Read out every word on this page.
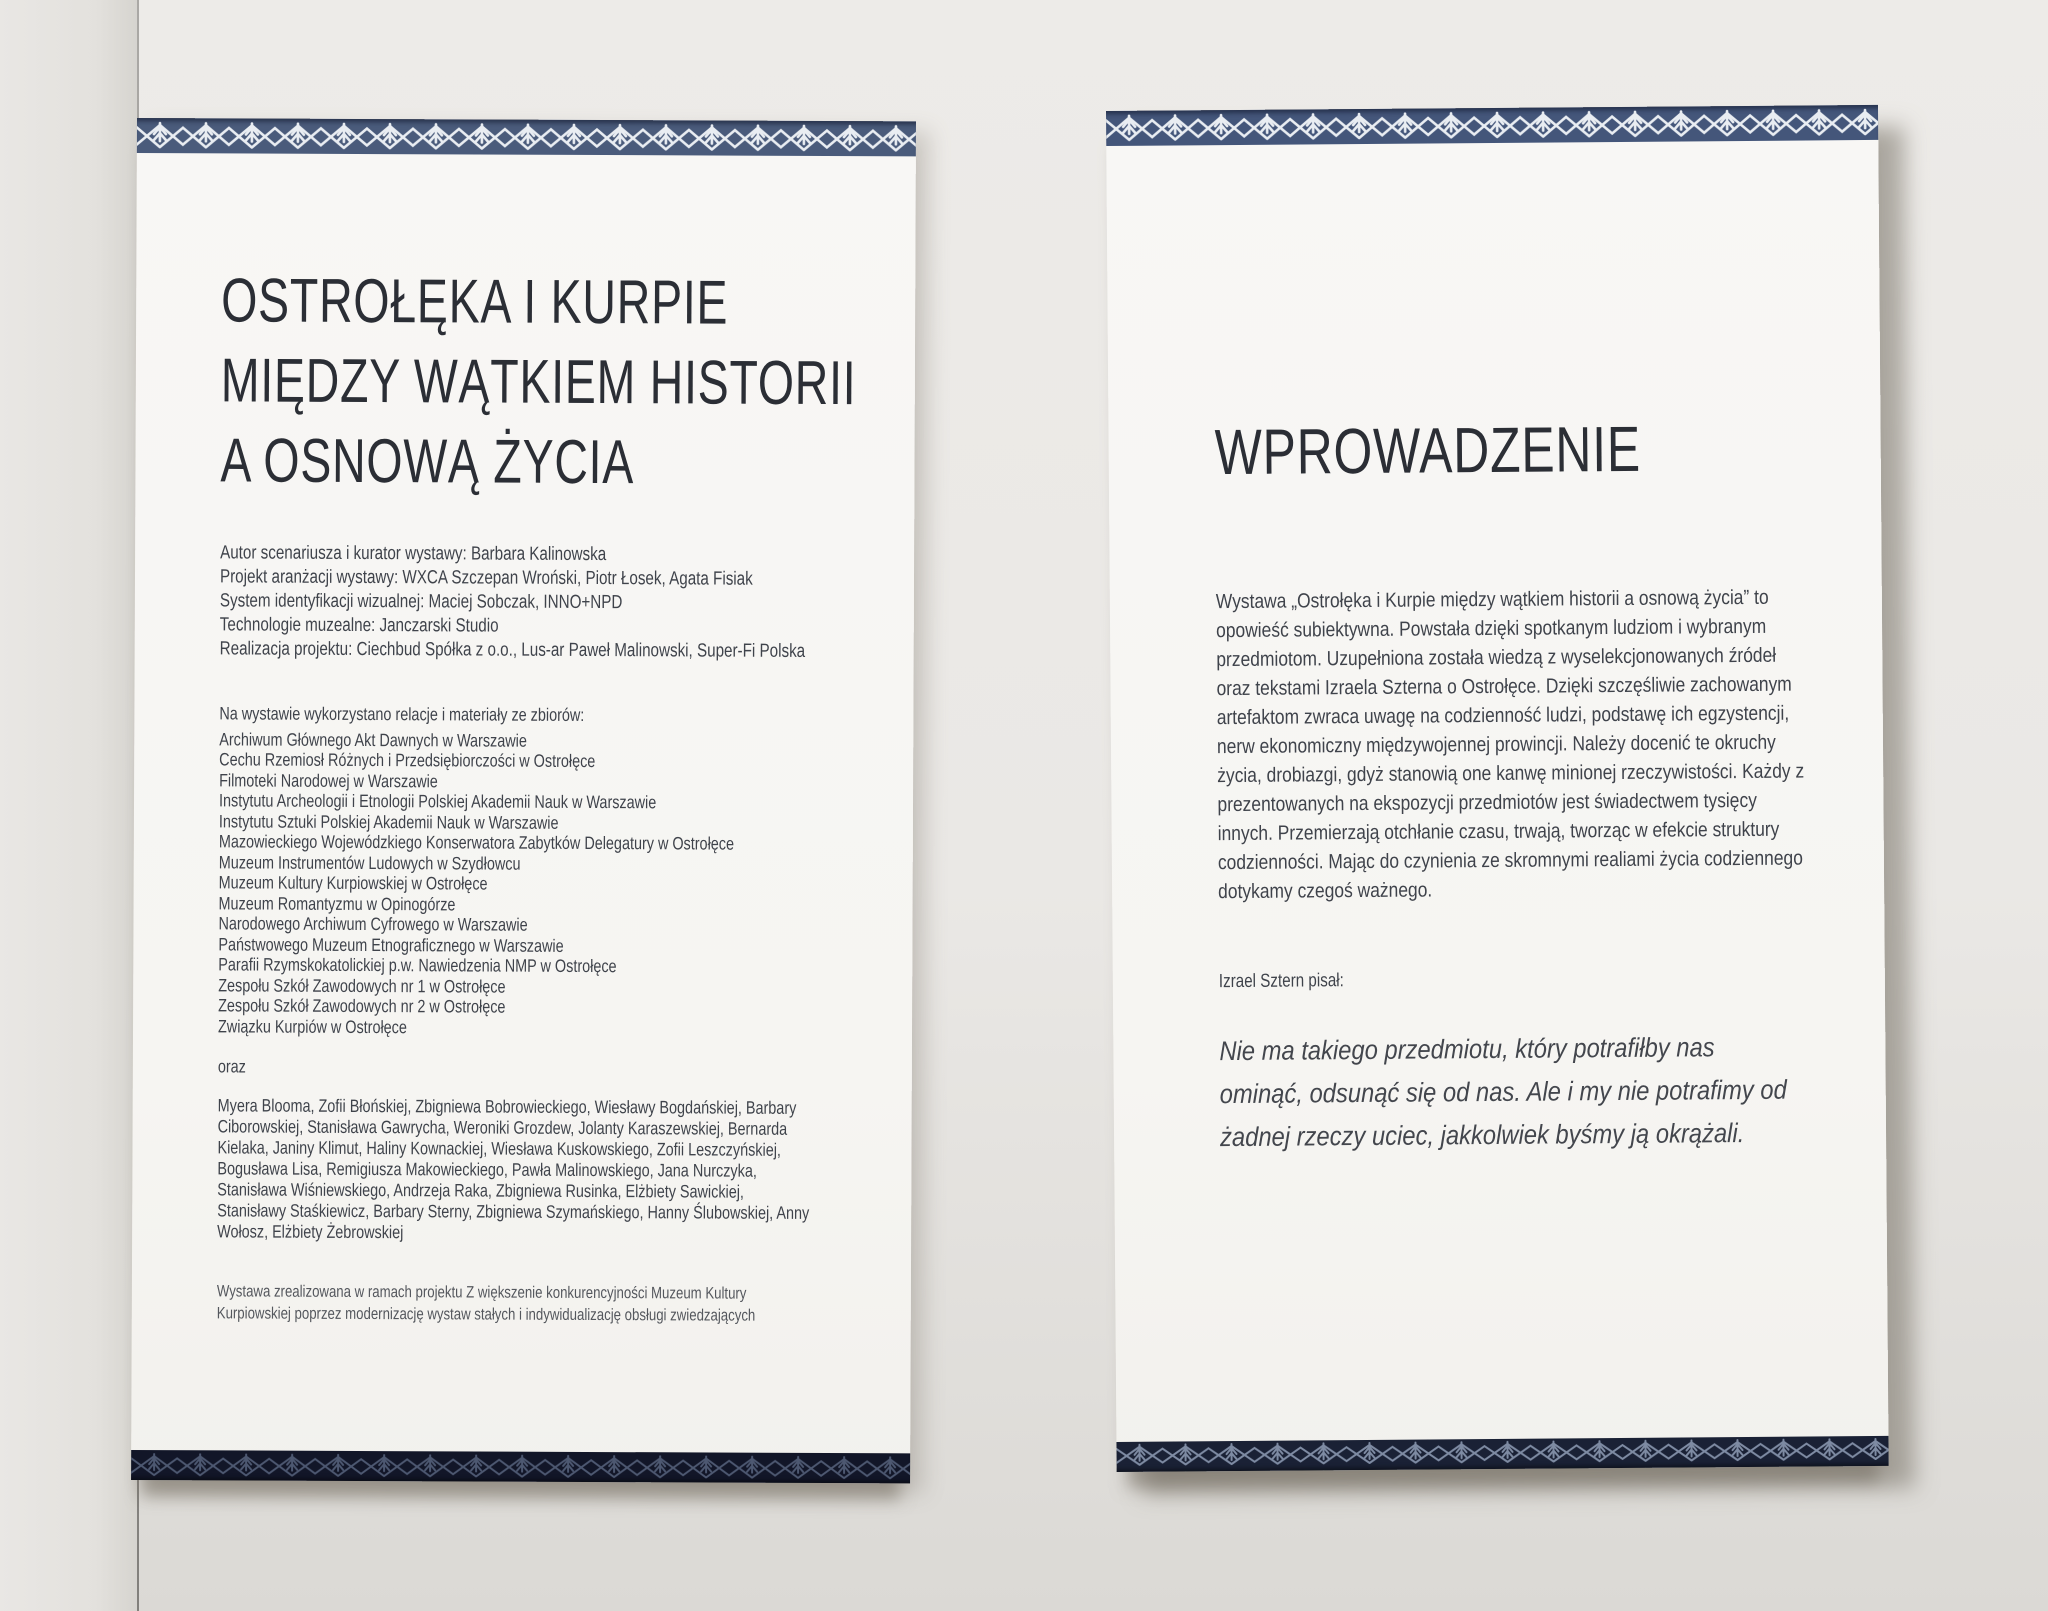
OSTROŁĘKA I KURPIE
MIĘDZY WĄTKIEM HISTORII
A OSNOWĄ ŻYCIA
Autor scenariusza i kurator wystawy: Barbara Kalinowska
Projekt aranżacji wystawy: WXCA Szczepan Wroński, Piotr Łosek, Agata Fisiak
System identyfikacji wizualnej: Maciej Sobczak, INNO+NPD
Technologie muzealne: Janczarski Studio
Realizacja projektu: Ciechbud Spółka z o.o., Lus-ar Paweł Malinowski, Super-Fi Polska
Na wystawie wykorzystano relacje i materiały ze zbiorów:
Archiwum Głównego Akt Dawnych w Warszawie
Cechu Rzemiosł Różnych i Przedsiębiorczości w Ostrołęce
Filmoteki Narodowej w Warszawie
Instytutu Archeologii i Etnologii Polskiej Akademii Nauk w Warszawie
Instytutu Sztuki Polskiej Akademii Nauk w Warszawie
Mazowieckiego Wojewódzkiego Konserwatora Zabytków Delegatury w Ostrołęce
Muzeum Instrumentów Ludowych w Szydłowcu
Muzeum Kultury Kurpiowskiej w Ostrołęce
Muzeum Romantyzmu w Opinogórze
Narodowego Archiwum Cyfrowego w Warszawie
Państwowego Muzeum Etnograficznego w Warszawie
Parafii Rzymskokatolickiej p.w. Nawiedzenia NMP w Ostrołęce
Zespołu Szkół Zawodowych nr 1 w Ostrołęce
Zespołu Szkół Zawodowych nr 2 w Ostrołęce
Związku Kurpiów w Ostrołęce
oraz

Myera Blooma, Zofii Błońskiej, Zbigniewa Bobrowieckiego, Wiesławy Bogdańskiej, Barbary Ciborowskiej, Stanisława Gawrycha, Weroniki Grozdew, Jolanty Karaszewskiej, Bernarda Kielaka, Janiny Klimut, Haliny Kownackiej, Wiesława Kuskowskiego, Zofii Leszczyńskiej, Bogusława Lisa, Remigiusza Makowieckiego, Pawła Malinowskiego, Jana Nurczyka, Stanisława Wiśniewskiego, Andrzeja Raka, Zbigniewa Rusinka, Elżbiety Sawickiej, Stanisławy Staśkiewicz, Barbary Sterny, Zbigniewa Szymańskiego, Hanny Ślubowskiej, Anny Wołosz, Elżbiety Żebrowskiej

Wystawa zrealizowana w ramach projektu Z większenie konkurencyjności Muzeum Kultury Kurpiowskiej poprzez modernizację wystaw stałych i indywidualizację obsługi zwiedzających

WPROWADZENIE

Wystawa „Ostrołęka i Kurpie między wątkiem historii a osnową życia” to opowieść subiektywna. Powstała dzięki spotkanym ludziom i wybranym przedmiotom. Uzupełniona została wiedzą z wyselekcjonowanych źródeł oraz tekstami Izraela Szterna o Ostrołęce. Dzięki szczęśliwie zachowanym artefaktom zwraca uwagę na codzienność ludzi, podstawę ich egzystencji, nerw ekonomiczny międzywojennej prowincji. Należy docenić te okruchy życia, drobiazgi, gdyż stanowią one kanwę minionej rzeczywistości. Każdy z prezentowanych na ekspozycji przedmiotów jest świadectwem tysięcy innych. Przemierzają otchłanie czasu, trwają, tworząc w efekcie struktury codzienności. Mając do czynienia ze skromnymi realiami życia codziennego dotykamy czegoś ważnego.

Izrael Sztern pisał:

Nie ma takiego przedmiotu, który potrafiłby nas ominąć, odsunąć się od nas. Ale i my nie potrafimy od żadnej rzeczy uciec, jakkolwiek byśmy ją okrążali.
